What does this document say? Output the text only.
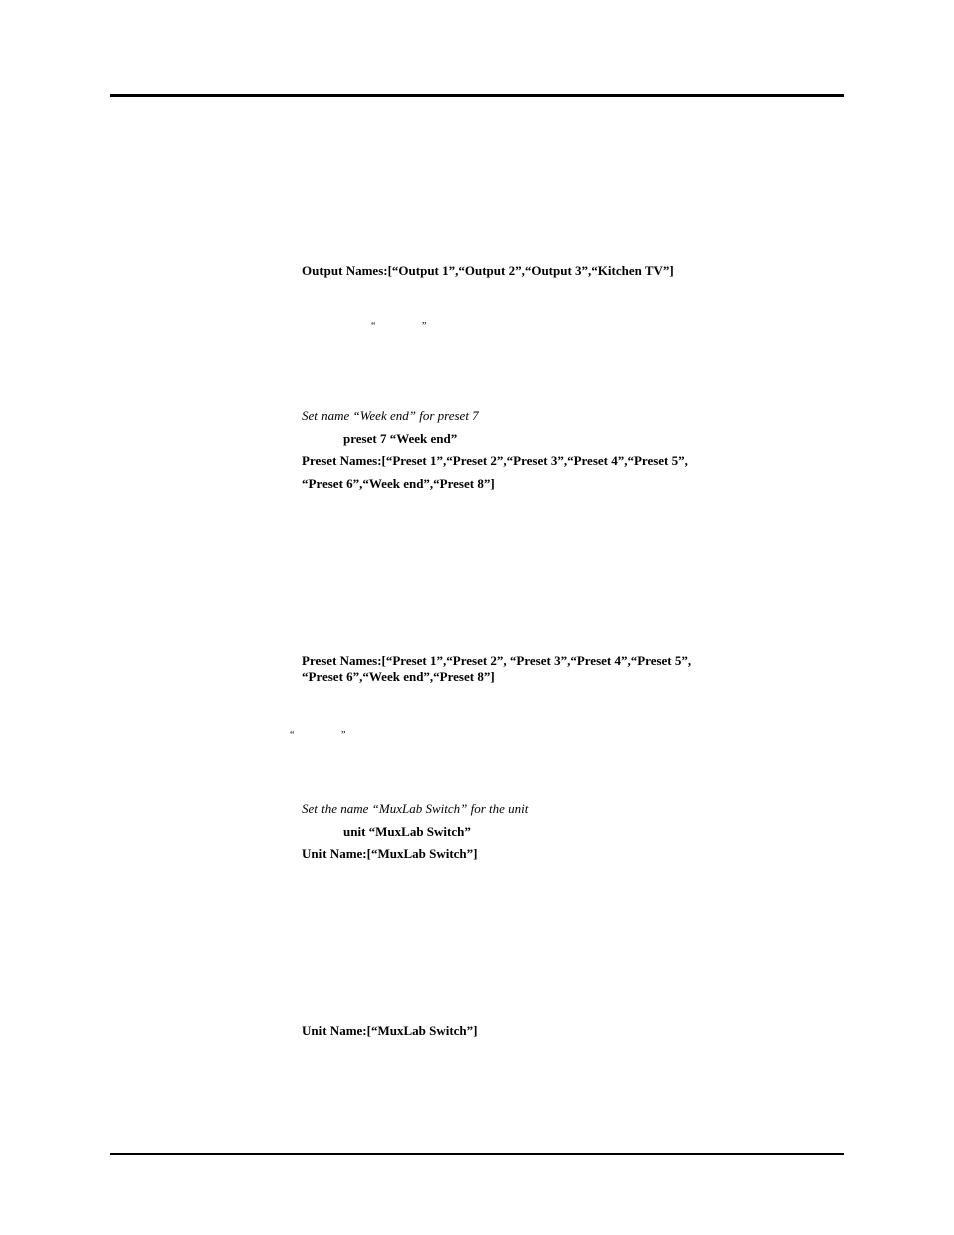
Output Names:[“Output 1”,“Output 2”,“Output 3”,“Kitchen TV”]
“	”
Set name “Week end” for preset 7
preset 7 “Week end”
Preset Names:[“Preset 1”,“Preset 2”,“Preset 3”,“Preset 4”,“Preset 5”,
“Preset 6”,“Week end”,“Preset 8”]
Preset Names:[“Preset 1”,“Preset 2”, “Preset 3”,“Preset 4”,“Preset 5”,
“Preset 6”,“Week end”,“Preset 8”]
“	”
Set the name “MuxLab Switch” for the unit
unit “MuxLab Switch”
Unit Name:[“MuxLab Switch”]
Unit Name:[“MuxLab Switch”]
